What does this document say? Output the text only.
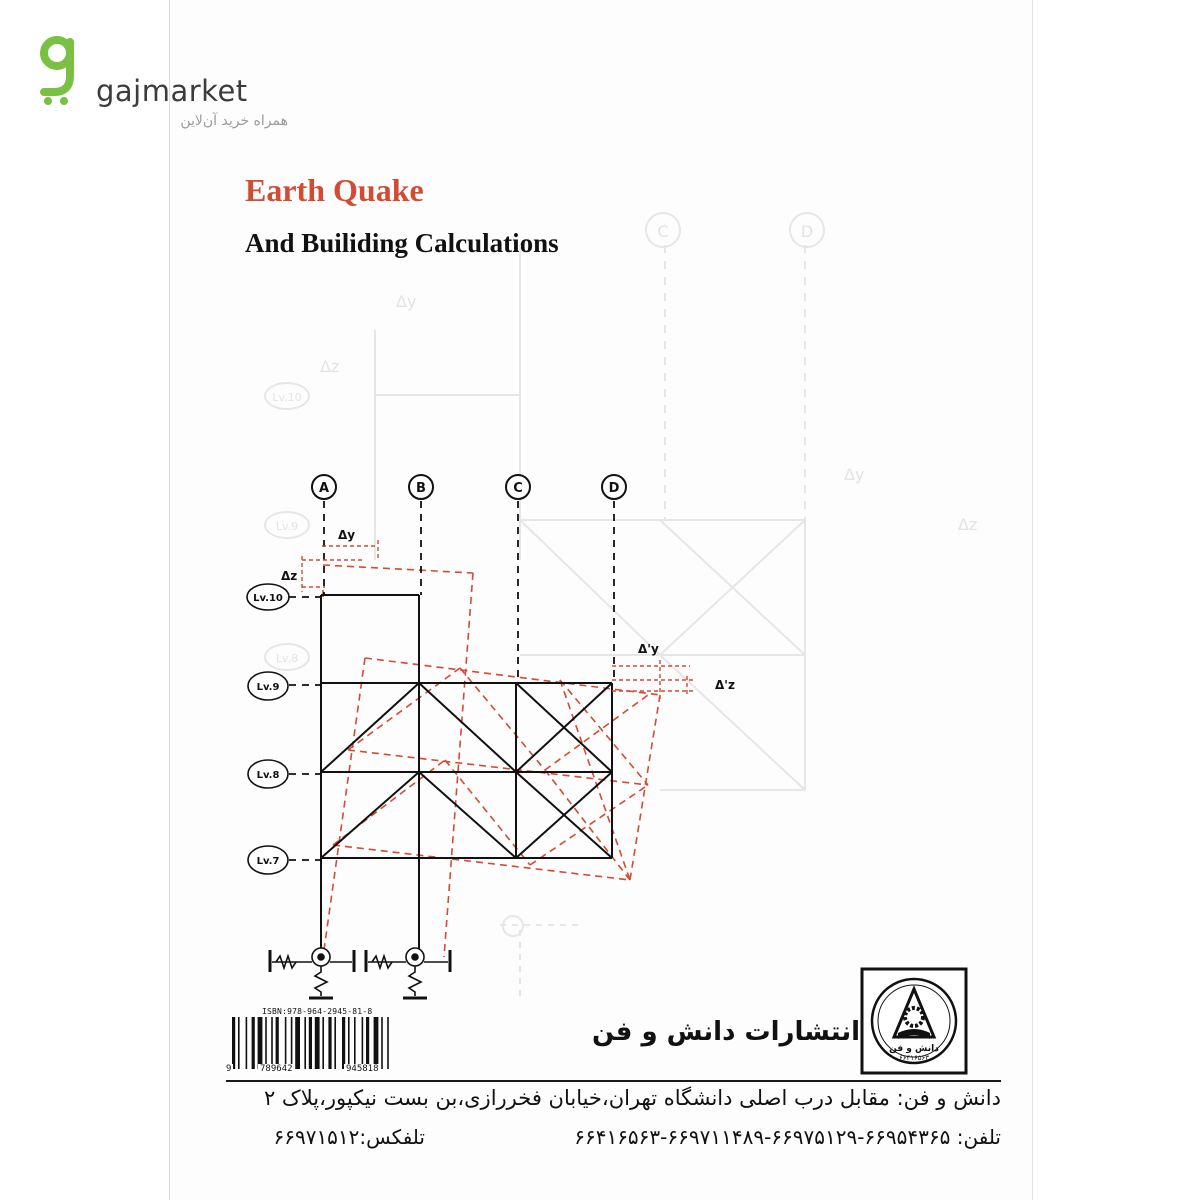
gajmarket
همراه خرید آن‌لاین
Earth Quake
And Builiding Calculations	C	D
Lv.10
Lv.9
Lv.8
Δy
Δz
Δy
Δz
A	B	C	D
Lv.10
Lv.9
Lv.8
Lv.7
Δy
Δz
Δ'y
Δ'z
ISBN:978-964-2945-81-8
9	789642	945818
انتشارات دانش و فن
دانش و فن
۶۶۴۱۶۵۶۳
دانش و فن: مقابل درب اصلی دانشگاه تهران،خیابان فخررازی،بن بست نیکپور،پلاک ۲
تلفن: ۶۶۹۵۴۳۶۵-۶۶۹۷۵۱۲۹-۶۶۹۷۱۱۴۸۹-۶۶۴۱۶۵۶۳
تلفکس:۶۶۹۷۱۵۱۲
